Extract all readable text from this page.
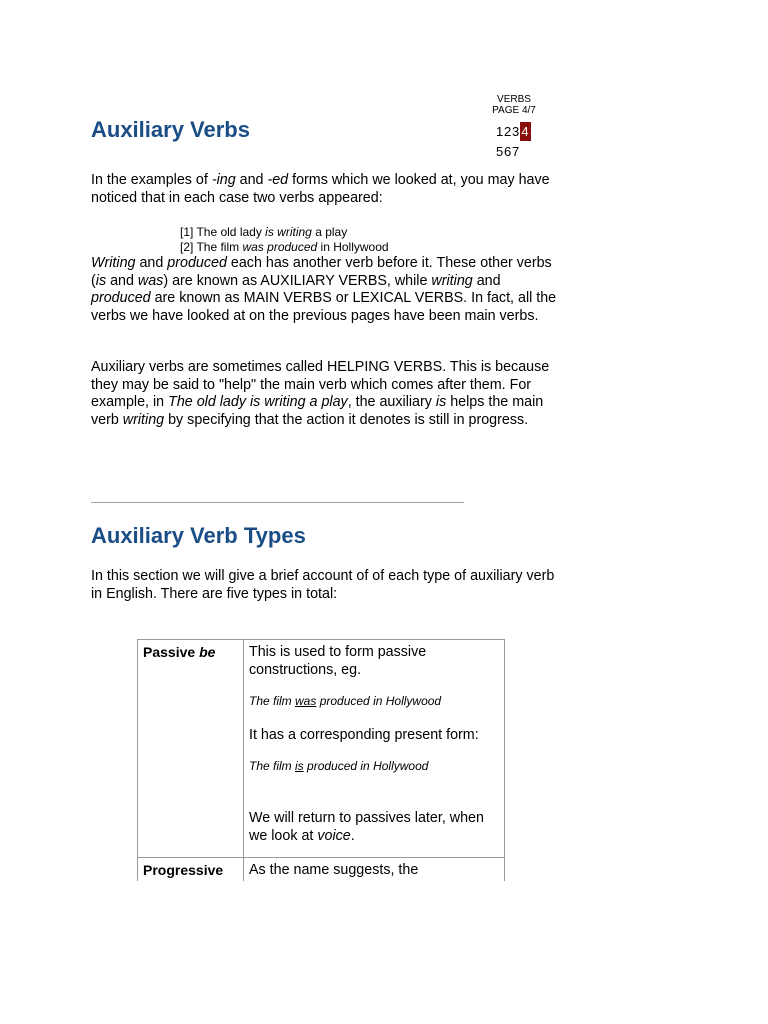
VERBS
PAGE 4/7
1234
567
Auxiliary Verbs

In the examples of -ing and -ed forms which we looked at, you may have noticed that in each case two verbs appeared:

[1] The old lady is writing a play
[2] The film was produced in Hollywood

Writing and produced each has another verb before it. These other verbs (is and was) are known as AUXILIARY VERBS, while writing and produced are known as MAIN VERBS or LEXICAL VERBS. In fact, all the verbs we have looked at on the previous pages have been main verbs.

Auxiliary verbs are sometimes called HELPING VERBS. This is because they may be said to "help" the main verb which comes after them. For example, in The old lady is writing a play, the auxiliary is helps the main verb writing by specifying that the action it denotes is still in progress.

Auxiliary Verb Types

In this section we will give a brief account of of each type of auxiliary verb in English. There are five types in total:

Passive be	This is used to form passive constructions, eg.
The film was produced in Hollywood
It has a corresponding present form:
The film is produced in Hollywood
We will return to passives later, when we look at voice.

Progressive	As the name suggests, the
